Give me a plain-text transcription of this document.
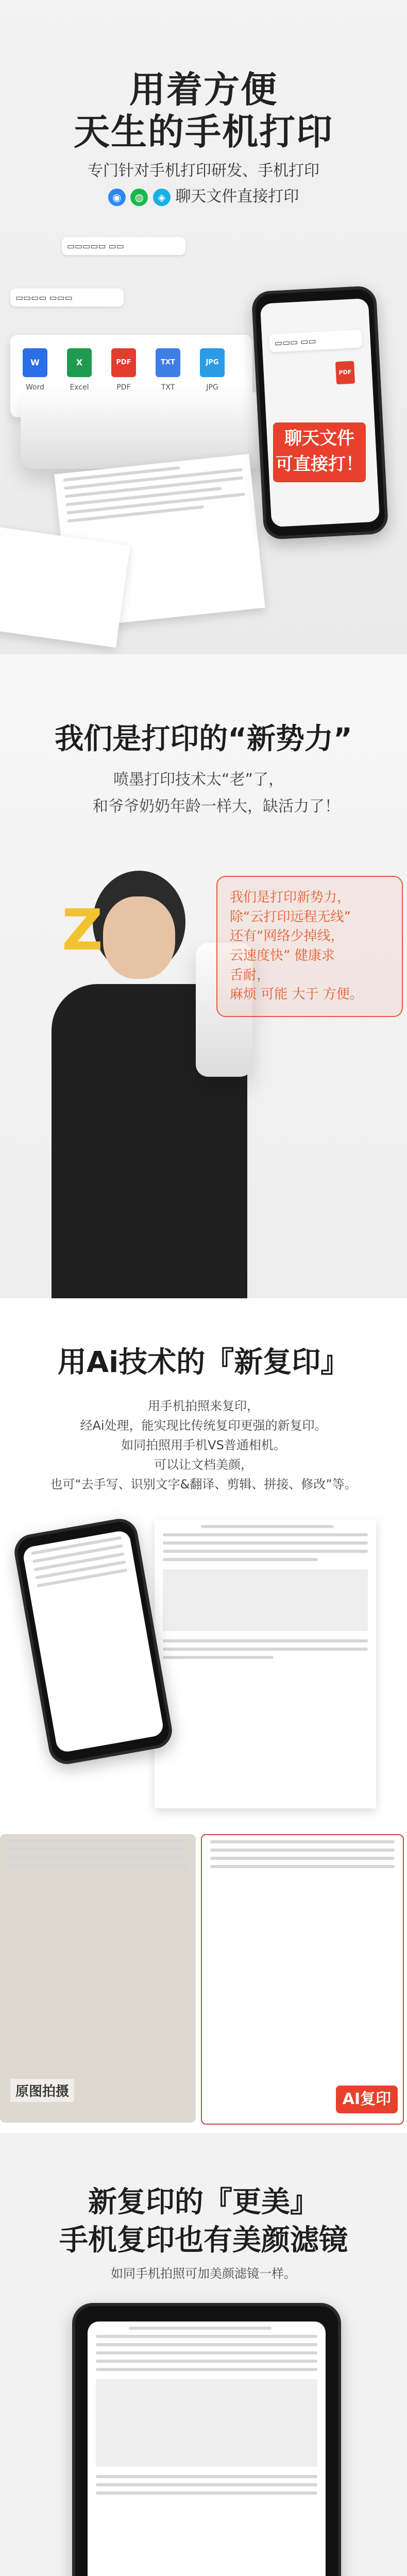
用着方便
天生的手机打印
专门针对手机打印研发、手机打印
◉ ◍ ◈ 聊天文件直接打印
W
Word
X
Excel
PDF
PDF
TXT
TXT
JPG
JPG
▭▭▭▭ ▭▭▭
▭▭▭▭▭ ▭▭
▭▭▭ ▭▭
PDF
聊天文件
可直接打！
我们是打印的“新势力”
喷墨打印技术太“老”了，
和爷爷奶奶年龄一样大，缺活力了！
Z	我们是打印新势力，
除“云打印远程无线”
还有“网络少掉线，
云速度快” 健康求
舌耐，
麻烦 可能 大于 方便。
用Ai技术的『新复印』
用手机拍照来复印，
经Ai处理，能实现比传统复印更强的新复印。
如同拍照用手机VS普通相机。
可以让文档美颜，
也可“去手写、识别文字&翻译、剪辑、拼接、修改”等。
原图拍摄	AI复印
新复印的『更美』
手机复印也有美颜滤镜
如同手机拍照可加美颜滤镜一样。
